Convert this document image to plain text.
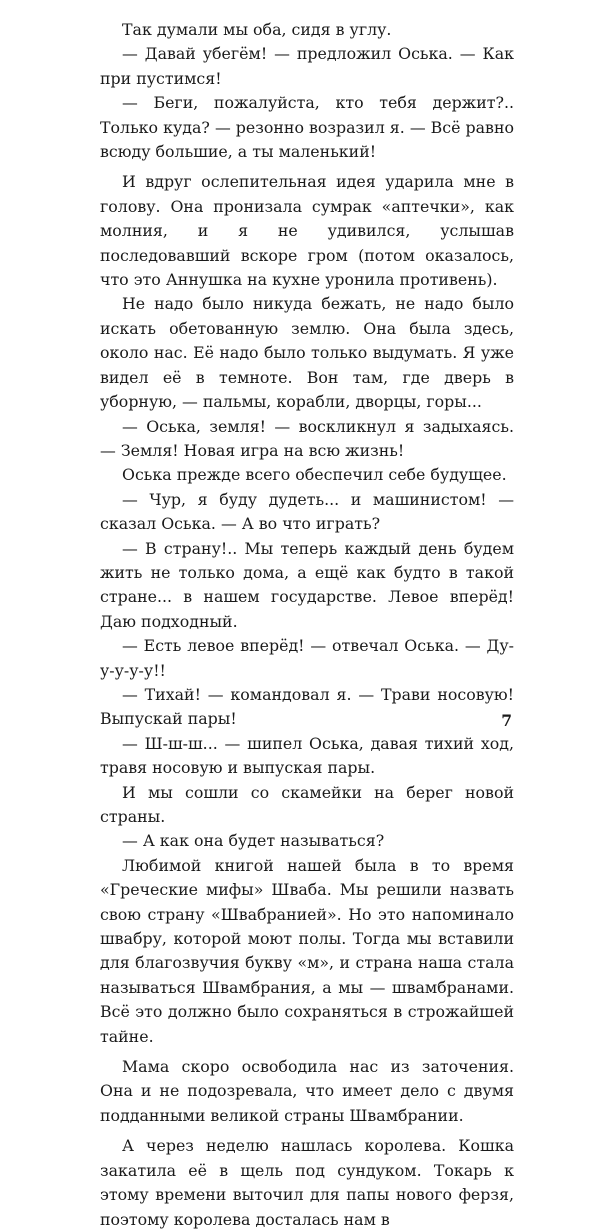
Так думали мы оба, сидя в углу.

— Давай убегём! — предложил Оська. — Как при пустимся!

— Беги, пожалуйста, кто тебя держит?.. Только куда? — резонно возразил я. — Всё равно всюду большие, а ты маленький!

И вдруг ослепительная идея ударила мне в голову. Она пронизала сумрак «аптечки», как молния, и я не удивился, услышав последовавший вскоре гром (потом оказалось, что это Аннушка на кухне уронила противень).

Не надо было никуда бежать, не надо было искать обетованную землю. Она была здесь, около нас. Её надо было только выдумать. Я уже видел её в темноте. Вон там, где дверь в уборную, — пальмы, корабли, дворцы, горы...

— Оська, земля! — воскликнул я задыхаясь. — Земля! Новая игра на всю жизнь!

Оська прежде всего обеспечил себе будущее.

— Чур, я буду дудеть... и машинистом! — сказал Оська. — А во что играть?

— В страну!.. Мы теперь каждый день будем жить не только дома, а ещё как будто в такой стране... в нашем государстве. Левое вперёд! Даю подходный.

— Есть левое вперёд! — отвечал Оська. — Ду-у-у-у-у!!

— Тихай! — командовал я. — Трави носовую! Выпускай пары!

— Ш-ш-ш... — шипел Оська, давая тихий ход, травя носовую и выпуская пары.

И мы сошли со скамейки на берег новой страны.

— А как она будет называться?

Любимой книгой нашей была в то время «Греческие мифы» Шваба. Мы решили назвать свою страну «Швабранией». Но это напоминало швабру, которой моют полы. Тогда мы вставили для благозвучия букву «м», и страна наша стала называться Швамбрания, а мы — швамбранами. Всё это должно было сохраняться в строжайшей тайне.

Мама скоро освободила нас из заточения. Она и не подозревала, что имеет дело с двумя подданными великой страны Швамбрании.

А через неделю нашлась королева. Кошка закатила её в щель под сундуком. Токарь к этому времени выточил для папы нового ферзя, поэтому королева досталась нам в

7
